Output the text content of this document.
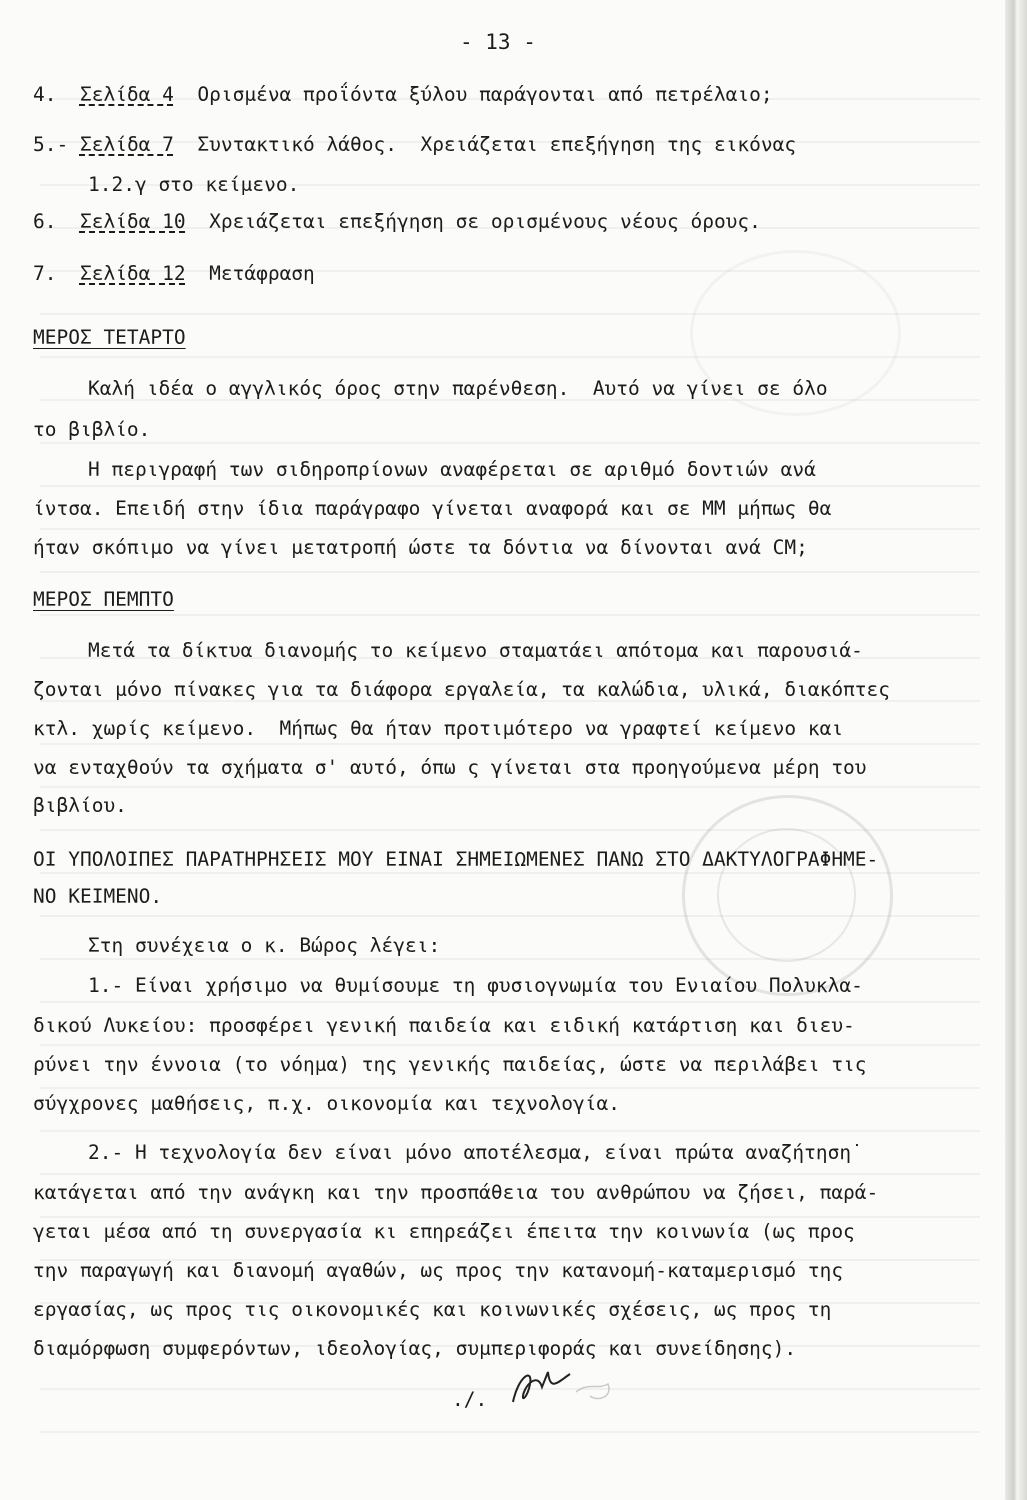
- 13 -
4. Σελίδα 4 Ορισμένα προΐόντα ξύλου παράγονται από πετρέλαιο;
5.- Σελίδα 7 Συντακτικό λάθος.  Χρειάζεται επεξήγηση της εικόνας
1.2.γ στο κείμενο.
6. Σελίδα 10 Χρειάζεται επεξήγηση σε ορισμένους νέους όρους.
7. Σελίδα 12 Μετάφραση
ΜΕΡΟΣ ΤΕΤΑΡΤΟ
Καλή ιδέα ο αγγλικός όρος στην παρένθεση.  Αυτό να γίνει σε όλο
το βιβλίο.
Η περιγραφή των σιδηροπρίονων αναφέρεται σε αριθμό δοντιών ανά
ίντσα. Επειδή στην ίδια παράγραφο γίνεται αναφορά και σε ΜΜ μήπως θα
ήταν σκόπιμο να γίνει μετατροπή ώστε τα δόντια να δίνονται ανά CM;
ΜΕΡΟΣ ΠΕΜΠΤΟ
Μετά τα δίκτυα διανομής το κείμενο σταματάει απότομα και παρουσιά-
ζονται μόνο πίνακες για τα διάφορα εργαλεία, τα καλώδια, υλικά, διακόπτες
κτλ. χωρίς κείμενο.  Μήπως θα ήταν προτιμότερο να γραφτεί κείμενο και
να ενταχθούν τα σχήματα σ' αυτό, όπω ς γίνεται στα προηγούμενα μέρη του
βιβλίου.
ΟΙ ΥΠΟΛΟΙΠΕΣ ΠΑΡΑΤΗΡΗΣΕΙΣ ΜΟΥ ΕΙΝΑΙ ΣΗΜΕΙΩΜΕΝΕΣ ΠΑΝΩ ΣΤΟ ΔΑΚΤΥΛΟΓΡΑΦΗΜΕ-
ΝΟ ΚΕΙΜΕΝΟ.
Στη συνέχεια ο κ. Βώρος λέγει:
1.- Είναι χρήσιμο να θυμίσουμε τη φυσιογνωμία του Ενιαίου Πολυκλα-
δικού Λυκείου: προσφέρει γενική παιδεία και ειδική κατάρτιση και διευ-
ρύνει την έννοια (το νόημα) της γενικής παιδείας, ώστε να περιλάβει τις
σύγχρονες μαθήσεις, π.χ. οικονομία και τεχνολογία.
2.- Η τεχνολογία δεν είναι μόνο αποτέλεσμα, είναι πρώτα αναζήτηση˙
κατάγεται από την ανάγκη και την προσπάθεια του ανθρώπου να ζήσει, παρά-
γεται μέσα από τη συνεργασία κι επηρεάζει έπειτα την κοινωνία (ως προς
την παραγωγή και διανομή αγαθών, ως προς την κατανομή-καταμερισμό της
εργασίας, ως προς τις οικονομικές και κοινωνικές σχέσεις, ως προς τη
διαμόρφωση συμφερόντων, ιδεολογίας, συμπεριφοράς και συνείδησης).
./.
